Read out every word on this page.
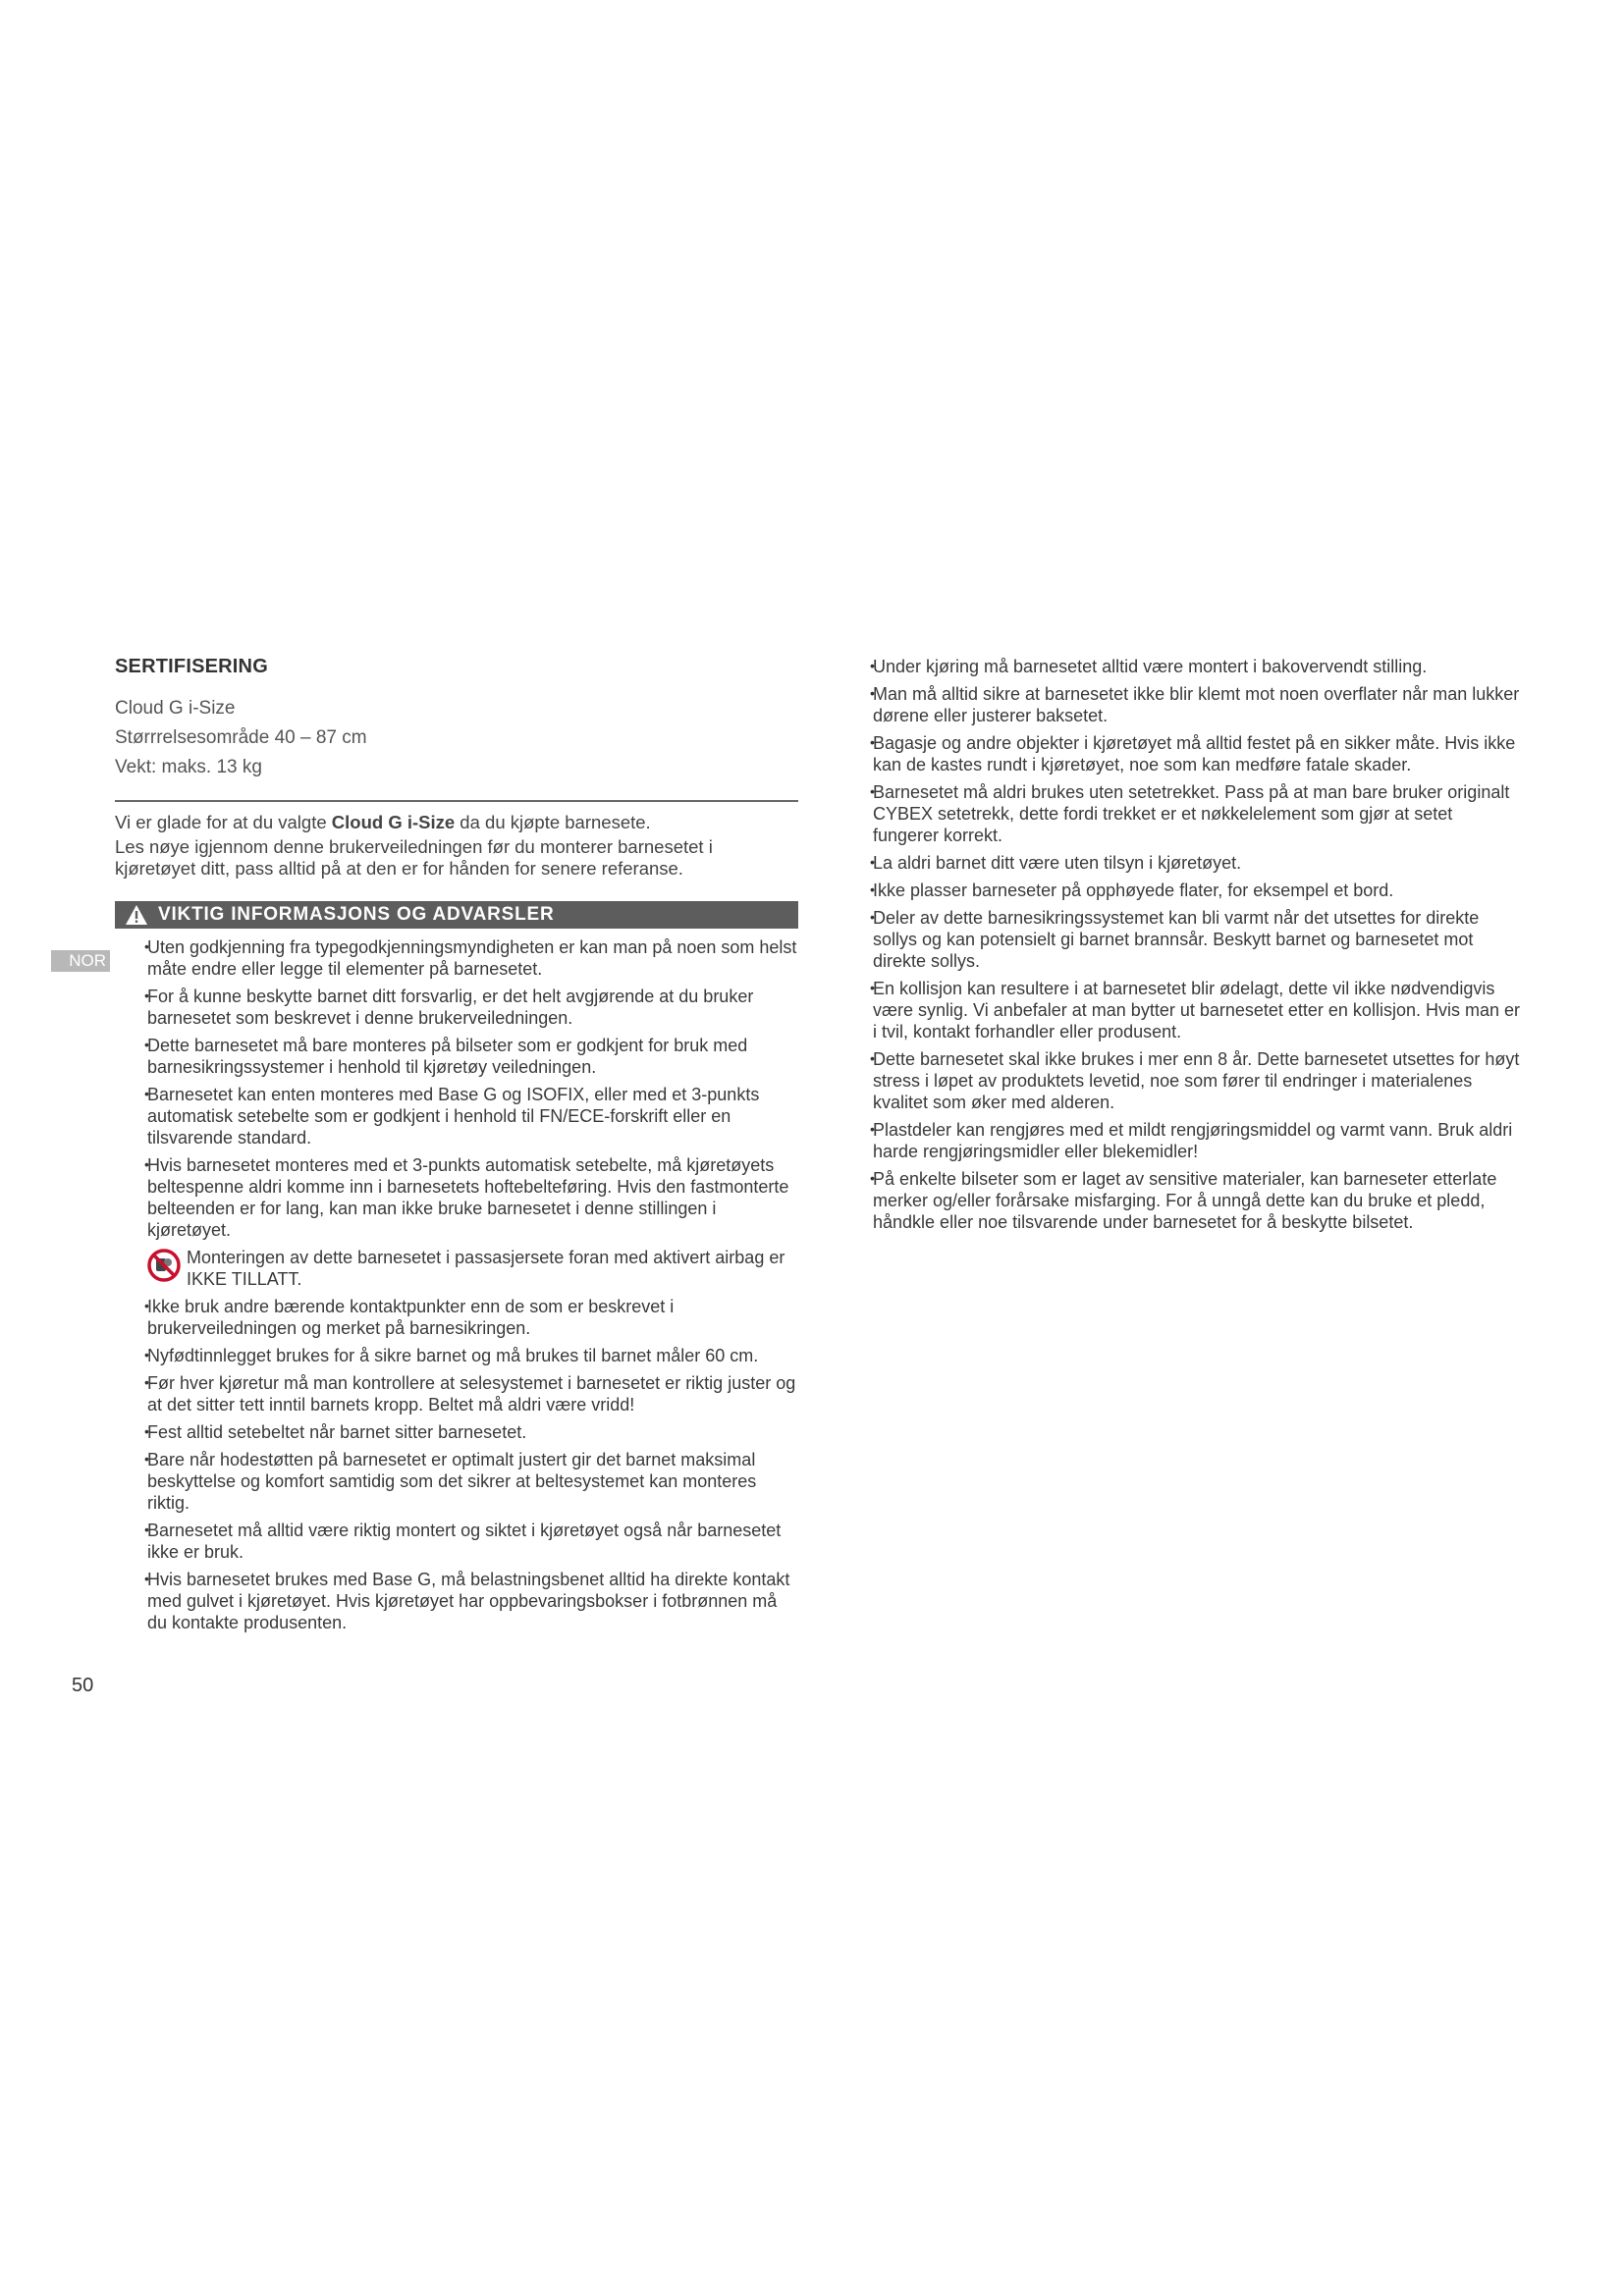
NOR
SERTIFISERING
Cloud G i-Size
Størrrelsesområde 40 – 87 cm
Vekt: maks. 13 kg

Vi er glade for at du valgte Cloud G i-Size da du kjøpte barnesete.

Les nøye igjennom denne brukerveiledningen før du monterer barnesetet i kjøretøyet ditt, pass alltid på at den er for hånden for senere referanse.

VIKTIG INFORMASJONS OG ADVARSLER
• Uten godkjenning fra typegodkjenningsmyndigheten er kan man på noen som helst måte endre eller legge til elementer på barnesetet.
• For å kunne beskytte barnet ditt forsvarlig, er det helt avgjørende at du bruker barnesetet som beskrevet i denne brukerveiledningen.
• Dette barnesetet må bare monteres på bilseter som er godkjent for bruk med barnesikringssystemer i henhold til kjøretøy veiledningen.
• Barnesetet kan enten monteres med Base G og ISOFIX, eller med et 3-punkts automatisk setebelte som er godkjent i henhold til FN/ECE-forskrift eller en tilsvarende standard.
• Hvis barnesetet monteres med et 3-punkts automatisk setebelte, må kjøretøyets beltespenne aldri komme inn i barnesetets hoftebelteføring. Hvis den fastmonterte belteenden er for lang, kan man ikke bruke barnesetet i denne stillingen i kjøretøyet.
Monteringen av dette barnesetet i passasjersete foran med aktivert airbag er IKKE TILLATT.
• Ikke bruk andre bærende kontaktpunkter enn de som er beskrevet i brukerveiledningen og merket på barnesikringen.
• Nyfødtinnlegget brukes for å sikre barnet og må brukes til barnet måler 60 cm.
• Før hver kjøretur må man kontrollere at selesystemet i barnesetet er riktig juster og at det sitter tett inntil barnets kropp. Beltet må aldri være vridd!
• Fest alltid setebeltet når barnet sitter barnesetet.
• Bare når hodestøtten på barnesetet er optimalt justert gir det barnet maksimal beskyttelse og komfort samtidig som det sikrer at beltesystemet kan monteres riktig.
• Barnesetet må alltid være riktig montert og siktet i kjøretøyet også når barnesetet ikke er bruk.
• Hvis barnesetet brukes med Base G, må belastningsbenet alltid ha direkte kontakt med gulvet i kjøretøyet. Hvis kjøretøyet har oppbevaringsbokser i fotbrønnen må du kontakte produsenten.
• Under kjøring må barnesetet alltid være montert i bakovervendt stilling.
• Man må alltid sikre at barnesetet ikke blir klemt mot noen overflater når man lukker dørene eller justerer baksetet.
• Bagasje og andre objekter i kjøretøyet må alltid festet på en sikker måte. Hvis ikke kan de kastes rundt i kjøretøyet, noe som kan medføre fatale skader.
• Barnesetet må aldri brukes uten setetrekket. Pass på at man bare bruker originalt CYBEX setetrekk, dette fordi trekket er et nøkkelelement som gjør at setet fungerer korrekt.
• La aldri barnet ditt være uten tilsyn i kjøretøyet.
• Ikke plasser barneseter på opphøyede flater, for eksempel et bord.
• Deler av dette barnesikringssystemet kan bli varmt når det utsettes for direkte sollys og kan potensielt gi barnet brannsår. Beskytt barnet og barnesetet mot direkte sollys.
• En kollisjon kan resultere i at barnesetet blir ødelagt, dette vil ikke nødvendigvis være synlig. Vi anbefaler at man bytter ut barnesetet etter en kollisjon. Hvis man er i tvil, kontakt forhandler eller produsent.
• Dette barnesetet skal ikke brukes i mer enn 8 år. Dette barnesetet utsettes for høyt stress i løpet av produktets levetid, noe som fører til endringer i materialenes kvalitet som øker med alderen.
• Plastdeler kan rengjøres med et mildt rengjøringsmiddel og varmt vann. Bruk aldri harde rengjøringsmidler eller blekemidler!
• På enkelte bilseter som er laget av sensitive materialer, kan barneseter etterlate merker og/eller forårsake misfarging. For å unngå dette kan du bruke et pledd, håndkle eller noe tilsvarende under barnesetet for å beskytte bilsetet.
50
